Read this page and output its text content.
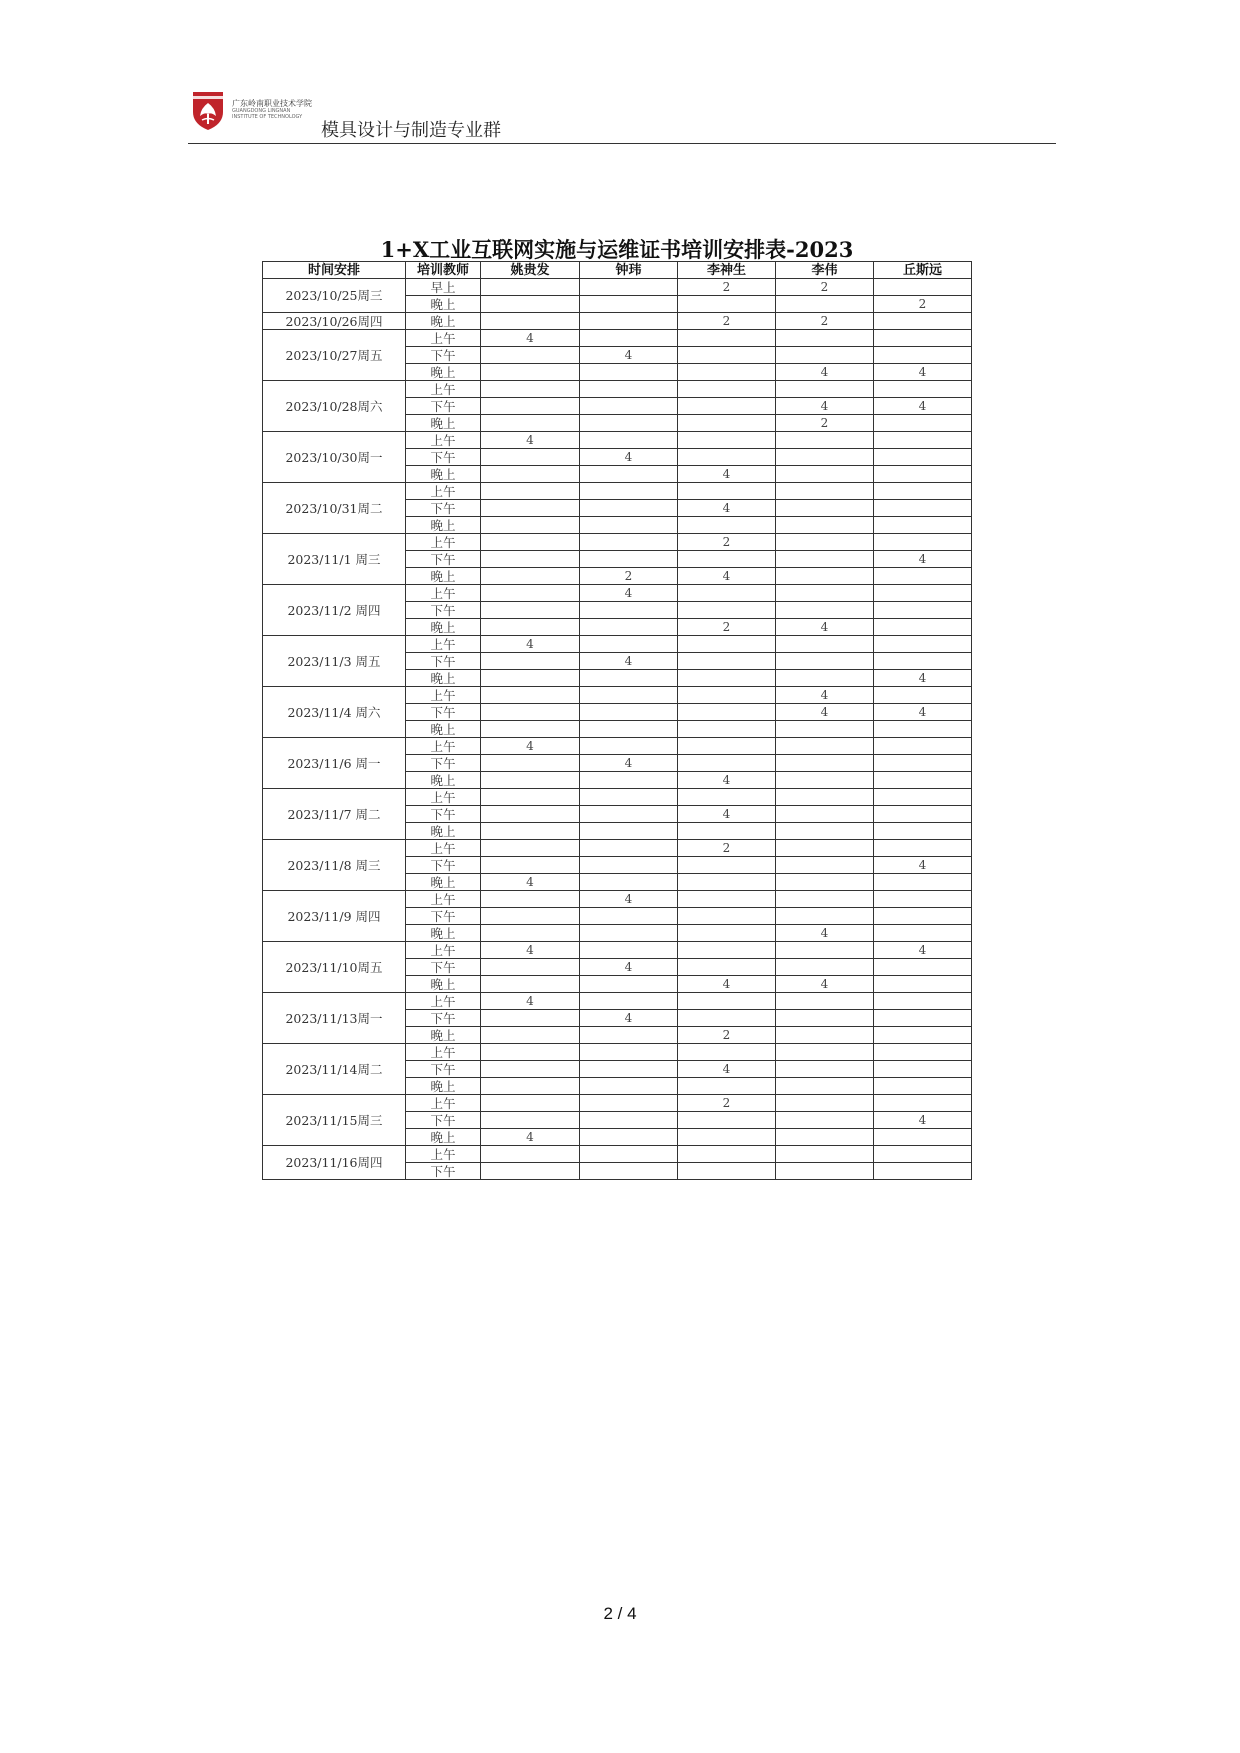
广东岭南职业技术学院
GUANGDONG LINGNAN
INSTITUTE OF TECHNOLOGY
模具设计与制造专业群
1+X工业互联网实施与运维证书培训安排表-2023
时间安排	培训教师	姚贵发	钟玮	李神生	李伟	丘斯远
2023/10/25周三	早上			2	2	
	晚上					2
2023/10/26周四	晚上			2	2	
2023/10/27周五	上午	4				
	下午		4			
	晚上				4	4
2023/10/28周六	上午					
	下午				4	4
	晚上				2	
2023/10/30周一	上午	4				
	下午		4			
	晚上			4		
2023/10/31周二	上午					
	下午			4		
	晚上					
2023/11/1 周三	上午			2		
	下午					4
	晚上		2	4		
2023/11/2 周四	上午		4			
	下午					
	晚上			2	4	
2023/11/3 周五	上午	4				
	下午		4			
	晚上					4
2023/11/4 周六	上午				4	
	下午				4	4
	晚上					
2023/11/6 周一	上午	4				
	下午		4			
	晚上			4		
2023/11/7 周二	上午					
	下午			4		
	晚上					
2023/11/8 周三	上午			2		
	下午					4
	晚上	4				
2023/11/9 周四	上午		4			
	下午					
	晚上				4	
2023/11/10周五	上午	4				4
	下午		4			
	晚上			4	4	
2023/11/13周一	上午	4				
	下午		4			
	晚上			2		
2023/11/14周二	上午					
	下午			4		
	晚上					
2023/11/15周三	上午			2		
	下午					4
	晚上	4				
2023/11/16周四	上午					
	下午					
2 / 4
